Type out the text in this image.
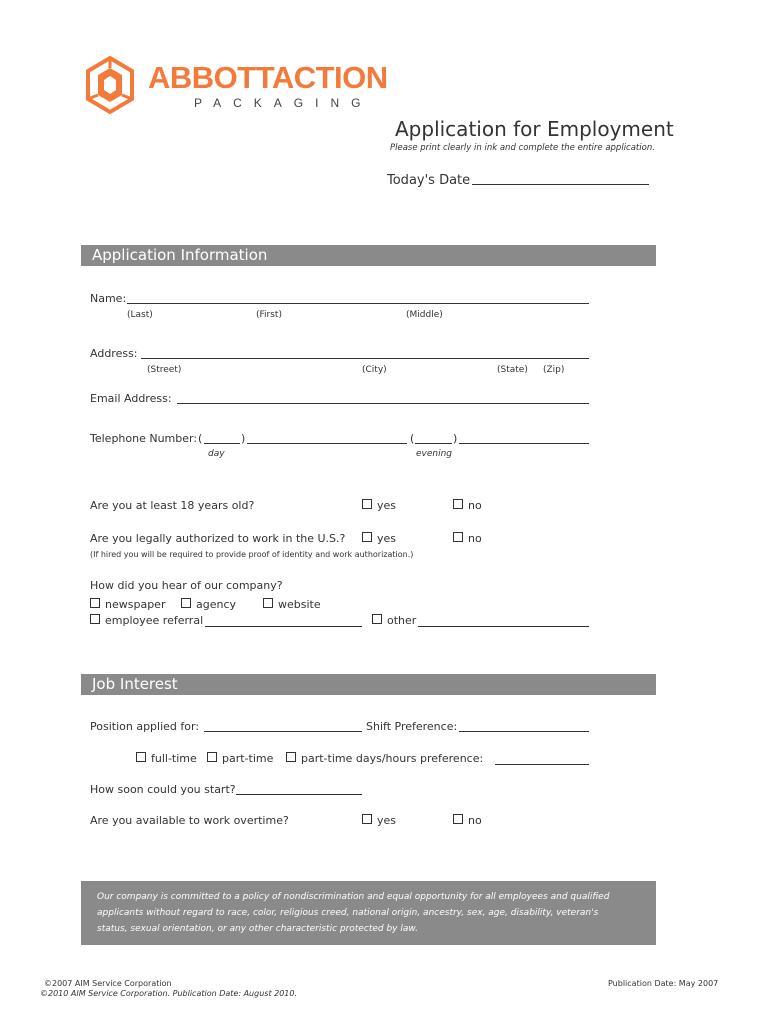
ABBOTTACTION
PACKAGING
Application for Employment
Please print clearly in ink and complete the entire application.
Today's Date
Application Information
Name:
(Last)	(First)	(Middle)
Address:
(Street)	(City)	(State) (Zip)
Email Address:
Telephone Number: (	)	(	)
day	evening
Are you at least 18 years old?	yes	no
Are you legally authorized to work in the U.S.?	yes	no
(If hired you will be required to provide proof of identity and work authorization.)
How did you hear of our company?
newspaper	agency	website
employee referral	other
Job Interest
Position applied for:	Shift Preference:
full-time	part-time	part-time days/hours preference:
How soon could you start?
Are you available to work overtime?	yes	no
Our company is committed to a policy of nondiscrimination and equal opportunity for all employees and qualified
applicants without regard to race, color, religious creed, national origin, ancestry, sex, age, disability, veteran's
status, sexual orientation, or any other characteristic protected by law.
©2007 AIM Service Corporation
©2010 AIM Service Corporation. Publication Date: August 2010.
Publication Date: May 2007
